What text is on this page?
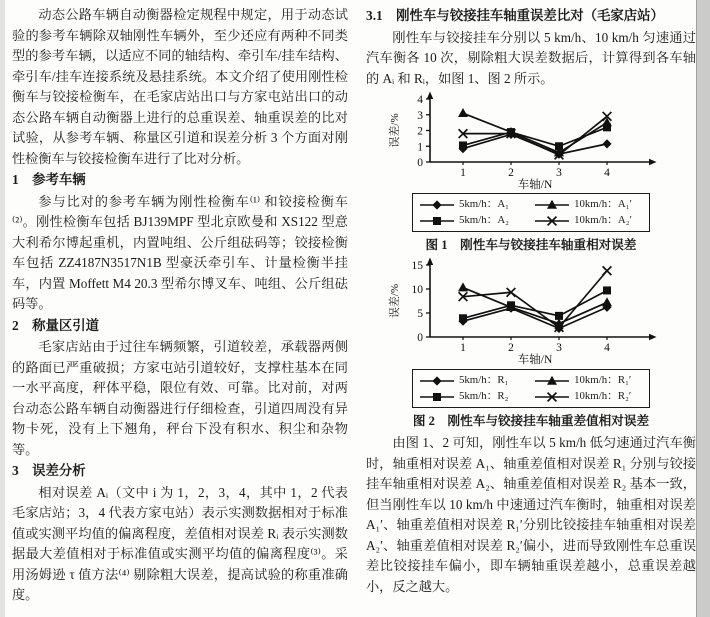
动态公路车辆自动衡器检定规程中规定，用于动态试验的参考车辆除双轴刚性车辆外，至少还应有两种不同类型的参考车辆，以适应不同的轴结构、牵引车/挂车结构、牵引车/挂车连接系统及悬挂系统。本文介绍了使用刚性检衡车与铰接检衡车，在毛家店站出口与方家屯站出口的动态公路车辆自动衡器上进行的总重误差、轴重误差的比对试验，从参考车辆、称量区引道和误差分析 3 个方面对刚性检衡车与铰接检衡车进行了比对分析。

1　参考车辆

参与比对的参考车辆为刚性检衡车⁽¹⁾ 和铰接检衡车⁽²⁾。刚性检衡车包括 BJ139MPF 型北京欧曼和 XS122 型意大利希尔博起重机，内置吨组、公斤组砝码等；铰接检衡车包括 ZZ4187N3517N1B 型豪沃牵引车、计量检衡半挂车，内置 Moffett M4 20.3 型希尔博叉车、吨组、公斤组砝码等。

2　称量区引道

毛家店站由于过往车辆频繁，引道较差，承载器两侧的路面已严重破损；方家屯站引道较好，支撑柱基本在同一水平高度，秤体平稳，限位有效、可靠。比对前，对两台动态公路车辆自动衡器进行仔细检查，引道四周没有异物卡死，没有上下翘角，秤台下没有积水、积尘和杂物等。

3　误差分析

相对误差 Aᵢ（文中 i 为 1，2，3，4，其中 1，2 代表毛家店站；3，4 代表方家屯站）表示实测数据相对于标准值或实测平均值的偏离程度，差值相对误差 Rᵢ 表示实测数据最大差值相对于标准值或实测平均值的偏离程度⁽³⁾。采用汤姆逊 τ 值方法⁽⁴⁾ 剔除粗大误差，提高试验的称重准确度。

3.1　刚性车与铰接挂车轴重误差比对（毛家店站）

刚性车与铰接挂车分别以 5 km/h、10 km/h 匀速通过汽车衡各 10 次，剔除粗大误差数据后，计算得到各车轴的 Aᵢ 和 Rᵢ，如图 1、图 2 所示。

0
1
2
3
4
1	2	3	4
车轴/N
误差/%
5km/h：A₁
5km/h：A₂
10km/h：A₁′
10km/h：A₂′
图 1　刚性车与铰接挂车轴重相对误差
0
5
10
15
1	2	3	4
车轴/N
误差/%
5km/h：R₁
5km/h：R₂
10km/h：R₁′
10km/h：R₂′
图 2　刚性车与铰接挂车轴重差值相对误差

由图 1、2 可知，刚性车以 5 km/h 低匀速通过汽车衡时，轴重相对误差 A₁、轴重差值相对误差 R₁ 分别与铰接挂车轴重相对误差 A₂、轴重差值相对误差 R₂ 基本一致，但当刚性车以 10 km/h 中速通过汽车衡时，轴重相对误差 A₁′、轴重差值相对误差 R₁′分别比铰接挂车轴重相对误差 A₂′、轴重差值相对误差 R₂′偏小，进而导致刚性车总重误差比铰接挂车偏小，即车辆轴重误差越小，总重误差越小，反之越大。
